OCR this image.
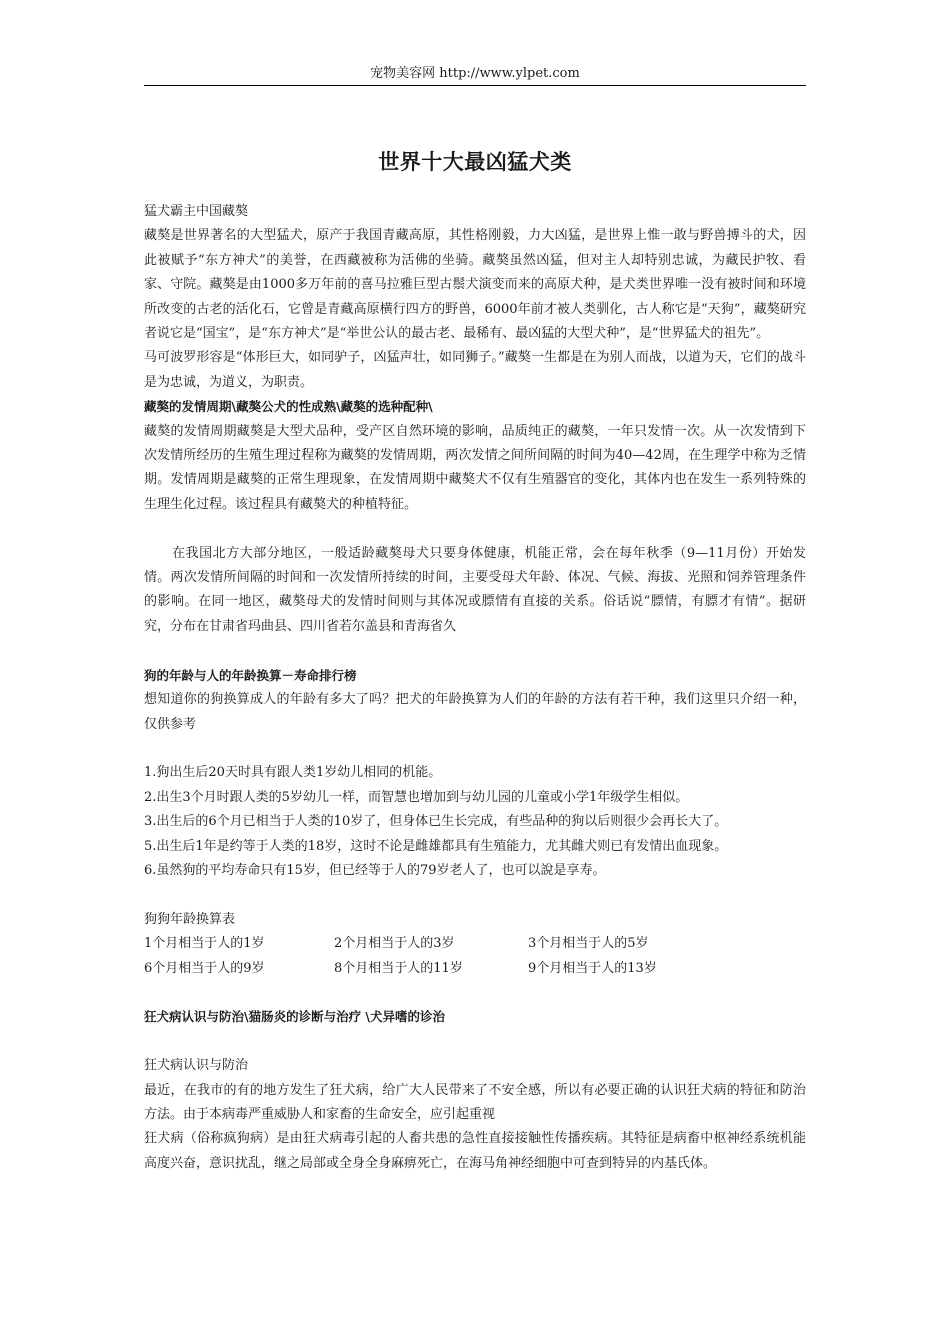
宠物美容网 http://www.ylpet.com
世界十大最凶猛犬类

猛犬霸主中国藏獒

藏獒是世界著名的大型猛犬，原产于我国青藏高原，其性格刚毅，力大凶猛，是世界上惟一敢与野兽搏斗的犬，因此被赋予“东方神犬”的美誉，在西藏被称为活佛的坐骑。藏獒虽然凶猛，但对主人却特别忠诚，为藏民护牧、看家、守院。藏獒是由1000多万年前的喜马拉雅巨型古鬃犬演变而来的高原犬种，是犬类世界唯一没有被时间和环境所改变的古老的活化石，它曾是青藏高原横行四方的野兽，6000年前才被人类驯化，古人称它是“天狗”，藏獒研究者说它是“国宝”，是“东方神犬”是“举世公认的最古老、最稀有、最凶猛的大型犬种”，是“世界猛犬的祖先”。

马可波罗形容是“体形巨大，如同驴子，凶猛声壮，如同狮子。”藏獒一生都是在为别人而战，以道为天，它们的战斗是为忠诚，为道义，为职责。

藏獒的发情周期\藏獒公犬的性成熟\藏獒的选种配种\

藏獒的发情周期藏獒是大型犬品种，受产区自然环境的影响，品质纯正的藏獒，一年只发情一次。从一次发情到下次发情所经历的生殖生理过程称为藏獒的发情周期，两次发情之间所间隔的时间为40—42周，在生理学中称为乏情期。发情周期是藏獒的正常生理现象，在发情周期中藏獒犬不仅有生殖器官的变化，其体内也在发生一系列特殊的生理生化过程。该过程具有藏獒犬的种植特征。

在我国北方大部分地区，一般适龄藏獒母犬只要身体健康，机能正常，会在每年秋季（9—11月份）开始发情。两次发情所间隔的时间和一次发情所持续的时间，主要受母犬年龄、体况、气候、海拔、光照和饲养管理条件的影响。在同一地区，藏獒母犬的发情时间则与其体况或膘情有直接的关系。俗话说“膘情，有膘才有情”。据研究，分布在甘肃省玛曲县、四川省若尔盖县和青海省久

狗的年龄与人的年龄换算－寿命排行榜

想知道你的狗换算成人的年龄有多大了吗？把犬的年龄换算为人们的年龄的方法有若干种，我们这里只介绍一种，仅供参考

1.狗出生后20天时具有跟人类1岁幼儿相同的机能。

2.出生3个月时跟人类的5岁幼儿一样，而智慧也增加到与幼儿园的儿童或小学1年级学生相似。

3.出生后的6个月已相当于人类的10岁了，但身体已生长完成，有些品种的狗以后则很少会再长大了。

5.出生后1年是约等于人类的18岁，这时不论是雌雄都具有生殖能力，尤其雌犬则已有发情出血现象。

6.虽然狗的平均寿命只有15岁，但已经等于人的79岁老人了，也可以說是享寿。

狗狗年龄换算表

1个月相当于人的1岁	2个月相当于人的3岁	3个月相当于人的5岁
6个月相当于人的9岁	8个月相当于人的11岁	9个月相当于人的13岁

狂犬病认识与防治\猫肠炎的诊断与治疗 \犬异嗜的诊治

狂犬病认识与防治

最近，在我市的有的地方发生了狂犬病，给广大人民带来了不安全感，所以有必要正确的认识狂犬病的特征和防治方法。由于本病毒严重威胁人和家畜的生命安全，应引起重视

狂犬病（俗称疯狗病）是由狂犬病毒引起的人畜共患的急性直接接触性传播疾病。其特征是病畜中枢神经系统机能高度兴奋，意识扰乱，继之局部或全身全身麻痹死亡，在海马角神经细胞中可查到特异的内基氏体。
